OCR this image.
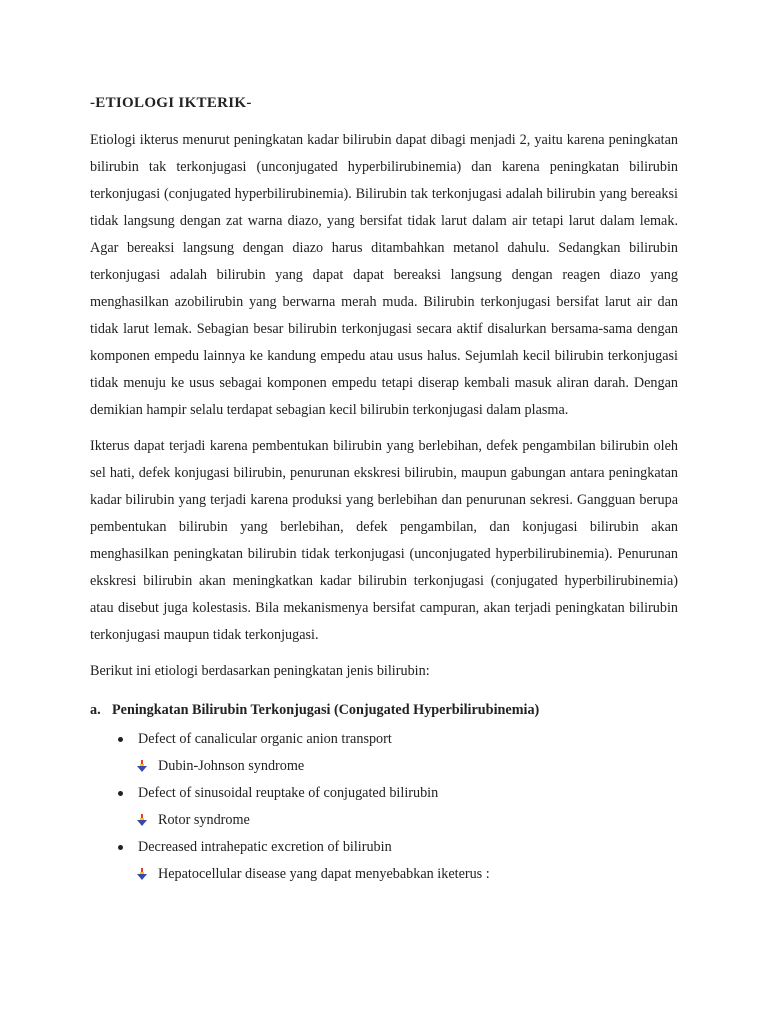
-ETIOLOGI IKTERIK-

Etiologi ikterus menurut peningkatan kadar bilirubin dapat dibagi menjadi 2, yaitu karena peningkatan bilirubin tak terkonjugasi (unconjugated hyperbilirubinemia) dan karena peningkatan bilirubin terkonjugasi (conjugated hyperbilirubinemia). Bilirubin tak terkonjugasi adalah bilirubin yang bereaksi tidak langsung dengan zat warna diazo, yang bersifat tidak larut dalam air tetapi larut dalam lemak. Agar bereaksi langsung dengan diazo harus ditambahkan metanol dahulu. Sedangkan bilirubin terkonjugasi adalah bilirubin yang dapat dapat bereaksi langsung dengan reagen diazo yang menghasilkan azobilirubin yang berwarna merah muda. Bilirubin terkonjugasi bersifat larut air dan tidak larut lemak. Sebagian besar bilirubin terkonjugasi secara aktif disalurkan bersama-sama dengan komponen empedu lainnya ke kandung empedu atau usus halus. Sejumlah kecil bilirubin terkonjugasi tidak menuju ke usus sebagai komponen empedu tetapi diserap kembali masuk aliran darah. Dengan demikian hampir selalu terdapat sebagian kecil bilirubin terkonjugasi dalam plasma.

Ikterus dapat terjadi karena pembentukan bilirubin yang berlebihan, defek pengambilan bilirubin oleh sel hati, defek konjugasi bilirubin, penurunan ekskresi bilirubin, maupun gabungan antara peningkatan kadar bilirubin yang terjadi karena produksi yang berlebihan dan penurunan sekresi. Gangguan berupa pembentukan bilirubin yang berlebihan, defek pengambilan, dan konjugasi bilirubin akan menghasilkan peningkatan bilirubin tidak terkonjugasi (unconjugated hyperbilirubinemia). Penurunan ekskresi bilirubin akan meningkatkan kadar bilirubin terkonjugasi (conjugated hyperbilirubinemia) atau disebut juga kolestasis. Bila mekanismenya bersifat campuran, akan terjadi peningkatan bilirubin terkonjugasi maupun tidak terkonjugasi.

Berikut ini etiologi berdasarkan peningkatan jenis bilirubin:

a. Peningkatan Bilirubin Terkonjugasi (Conjugated Hyperbilirubinemia)
Defect of canalicular organic anion transport
Dubin-Johnson syndrome
Defect of sinusoidal reuptake of conjugated bilirubin
Rotor syndrome
Decreased intrahepatic excretion of bilirubin
Hepatocellular disease yang dapat menyebabkan iketerus :
